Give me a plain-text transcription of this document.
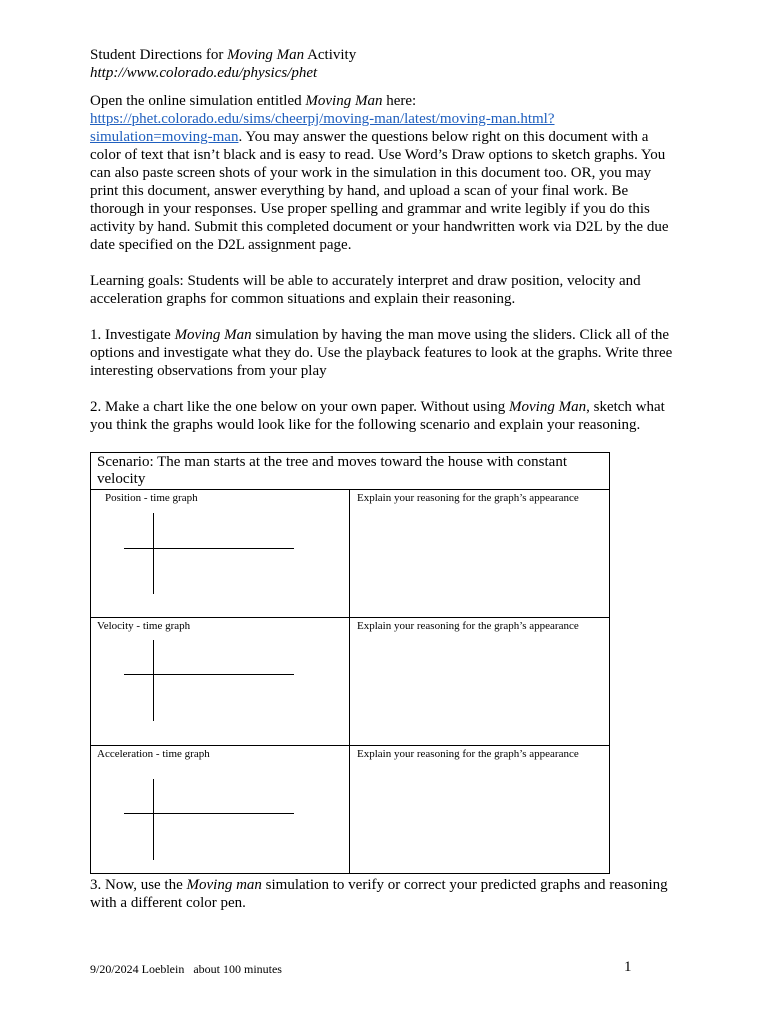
Student Directions for Moving Man Activity

http://www.colorado.edu/physics/phet

Open the online simulation entitled Moving Man here:
https://phet.colorado.edu/sims/cheerpj/moving-man/latest/moving-man.html?
simulation=moving-man. You may answer the questions below right on this document with a color of text that isn’t black and is easy to read. Use Word’s Draw options to sketch graphs. You can also paste screen shots of your work in the simulation in this document too. OR, you may print this document, answer everything by hand, and upload a scan of your final work. Be thorough in your responses. Use proper spelling and grammar and write legibly if you do this activity by hand. Submit this completed document or your handwritten work via D2L by the due date specified on the D2L assignment page.

Learning goals: Students will be able to accurately interpret and draw position, velocity and acceleration graphs for common situations and explain their reasoning.

1. Investigate Moving Man simulation by having the man move using the sliders. Click all of the options and investigate what they do. Use the playback features to look at the graphs. Write three interesting observations from your play

2. Make a chart like the one below on your own paper. Without using Moving Man, sketch what you think the graphs would look like for the following scenario and explain your reasoning.

Scenario: The man starts at the tree and moves toward the house with constant velocity	

Position - time graph	Explain your reasoning for the graph’s appearance

Velocity - time graph	Explain your reasoning for the graph’s appearance

Acceleration - time graph	Explain your reasoning for the graph’s appearance

3. Now, use the Moving man simulation to verify or correct your predicted graphs and reasoning with a different color pen.

9/20/2024 Loeblein   about 100 minutes	1
